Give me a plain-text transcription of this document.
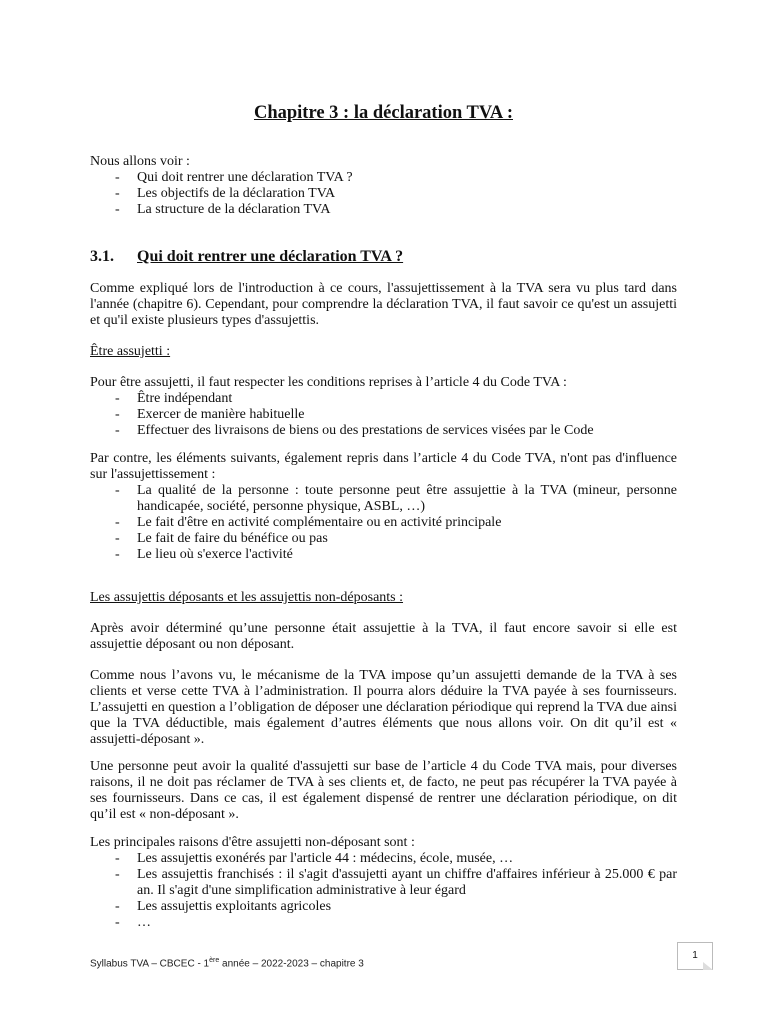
Chapitre 3 : la déclaration TVA :

Nous allons voir :

- Qui doit rentrer une déclaration TVA ?
- Les objectifs de la déclaration TVA
- La structure de la déclaration TVA
3.1. Qui doit rentrer une déclaration TVA ?

Comme expliqué lors de l'introduction à ce cours, l'assujettissement à la TVA sera vu plus tard dans l'année (chapitre 6). Cependant, pour comprendre la déclaration TVA, il faut savoir ce qu'est un assujetti et qu'il existe plusieurs types d'assujettis.

Être assujetti :

Pour être assujetti, il faut respecter les conditions reprises à l’article 4 du Code TVA :

- Être indépendant
- Exercer de manière habituelle
- Effectuer des livraisons de biens ou des prestations de services visées par le Code

Par contre, les éléments suivants, également repris dans l’article 4 du Code TVA, n'ont pas d'influence sur l'assujettissement :

- La qualité de la personne : toute personne peut être assujettie à la TVA (mineur, personne handicapée, société, personne physique, ASBL, …)
- Le fait d'être en activité complémentaire ou en activité principale
- Le fait de faire du bénéfice ou pas
- Le lieu où s'exerce l'activité

Les assujettis déposants et les assujettis non-déposants :

Après avoir déterminé qu’une personne était assujettie à la TVA, il faut encore savoir si elle est assujettie déposant ou non déposant.

Comme nous l’avons vu, le mécanisme de la TVA impose qu’un assujetti demande de la TVA à ses clients et verse cette TVA à l’administration. Il pourra alors déduire la TVA payée à ses fournisseurs. L’assujetti en question a l’obligation de déposer une déclaration périodique qui reprend la TVA due ainsi que la TVA déductible, mais également d’autres éléments que nous allons voir. On dit qu’il est « assujetti-déposant ».

Une personne peut avoir la qualité d'assujetti sur base de l’article 4 du Code TVA mais, pour diverses raisons, il ne doit pas réclamer de TVA à ses clients et, de facto, ne peut pas récupérer la TVA payée à ses fournisseurs. Dans ce cas, il est également dispensé de rentrer une déclaration périodique, on dit qu’il est « non-déposant ».

Les principales raisons d'être assujetti non-déposant sont :

- Les assujettis exonérés par l'article 44 : médecins, école, musée, …
- Les assujettis franchisés : il s'agit d'assujetti ayant un chiffre d'affaires inférieur à 25.000 € par an. Il s'agit d'une simplification administrative à leur égard
- Les assujettis exploitants agricoles
- …
Syllabus TVA – CBCEC - 1ère année – 2022-2023 – chapitre 3
1
